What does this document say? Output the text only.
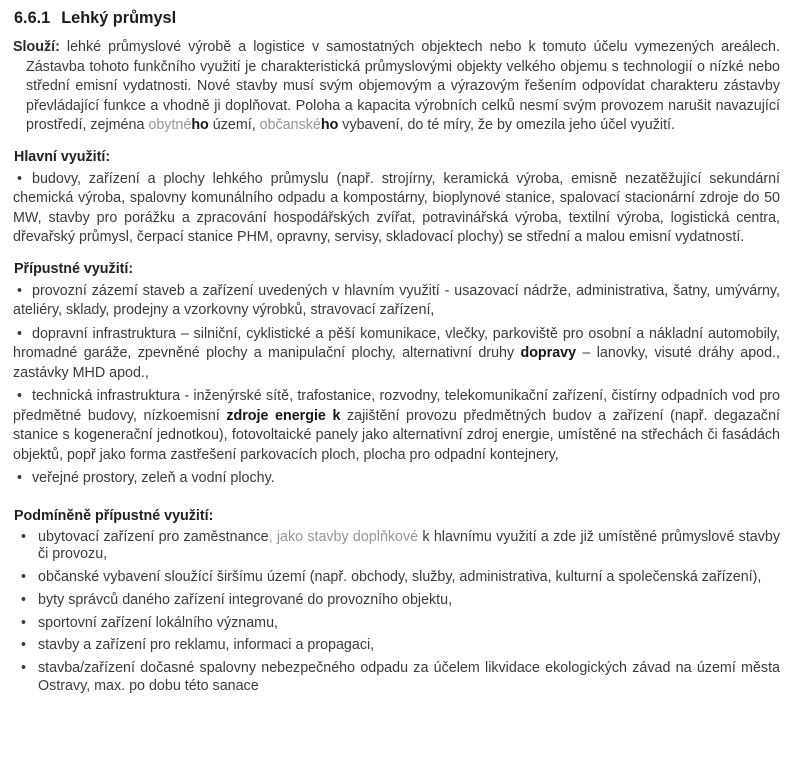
6.6.1 Lehký průmysl

Slouží: lehké průmyslové výrobě a logistice v samostatných objektech nebo k tomuto účelu vymezených areálech. Zástavba tohoto funkčního využití je charakteristická průmyslovými objekty velkého objemu s technologií o nízké nebo střední emisní vydatnosti. Nové stavby musí svým objemovým a výrazovým řešením odpovídat charakteru zástavby převládající funkce a vhodně ji doplňovat. Poloha a kapacita výrobních celků nesmí svým provozem narušit navazující prostředí, zejména obytného území, občanského vybavení, do té míry, že by omezila jeho účel využití.

Hlavní využití:

• budovy, zařízení a plochy lehkého průmyslu (např. strojírny, keramická výroba, emisně nezatěžující sekundární chemická výroba, spalovny komunálního odpadu a kompostárny, bioplynové stanice, spalovací stacionární zdroje do 50 MW, stavby pro porážku a zpracování hospodářských zvířat, potravinářská výroba, textilní výroba, logistická centra, dřevařský průmysl, čerpací stanice PHM, opravny, servisy, skladovací plochy) se střední a malou emisní vydatností.

Přípustné využití:

• provozní zázemí staveb a zařízení uvedených v hlavním využití - usazovací nádrže, administrativa, šatny, umývárny, ateliéry, sklady, prodejny a vzorkovny výrobků, stravovací zařízení,

• dopravní infrastruktura – silniční, cyklistické a pěší komunikace, vlečky, parkoviště pro osobní a nákladní automobily, hromadné garáže, zpevněné plochy a manipulační plochy, alternativní druhy dopravy – lanovky, visuté dráhy apod., zastávky MHD apod.,

• technická infrastruktura - inženýrské sítě, trafostanice, rozvodny, telekomunikační zařízení, čistírny odpadních vod pro předmětné budovy, nízkoemisní zdroje energie k zajištění provozu předmětných budov a zařízení (např. degazační stanice s kogenerační jednotkou), fotovoltaické panely jako alternativní zdroj energie, umístěné na střechách či fasádách objektů, popř jako forma zastřešení parkovacích ploch, plocha pro odpadní kontejnery,

• veřejné prostory, zeleň a vodní plochy.

Podmíněně přípustné využití:
• ubytovací zařízení pro zaměstnance, jako stavby doplňkové k hlavnímu využití a zde již umístěné průmyslové stavby či provozu,
• občanské vybavení sloužící širšímu území (např. obchody, služby, administrativa, kulturní a společenská zařízení),
• byty správců daného zařízení integrované do provozního objektu,
• sportovní zařízení lokálního významu,
• stavby a zařízení pro reklamu, informaci a propagaci,
• stavba/zařízení dočasné spalovny nebezpečného odpadu za účelem likvidace ekologických závad na území města Ostravy, max. po dobu této sanace
